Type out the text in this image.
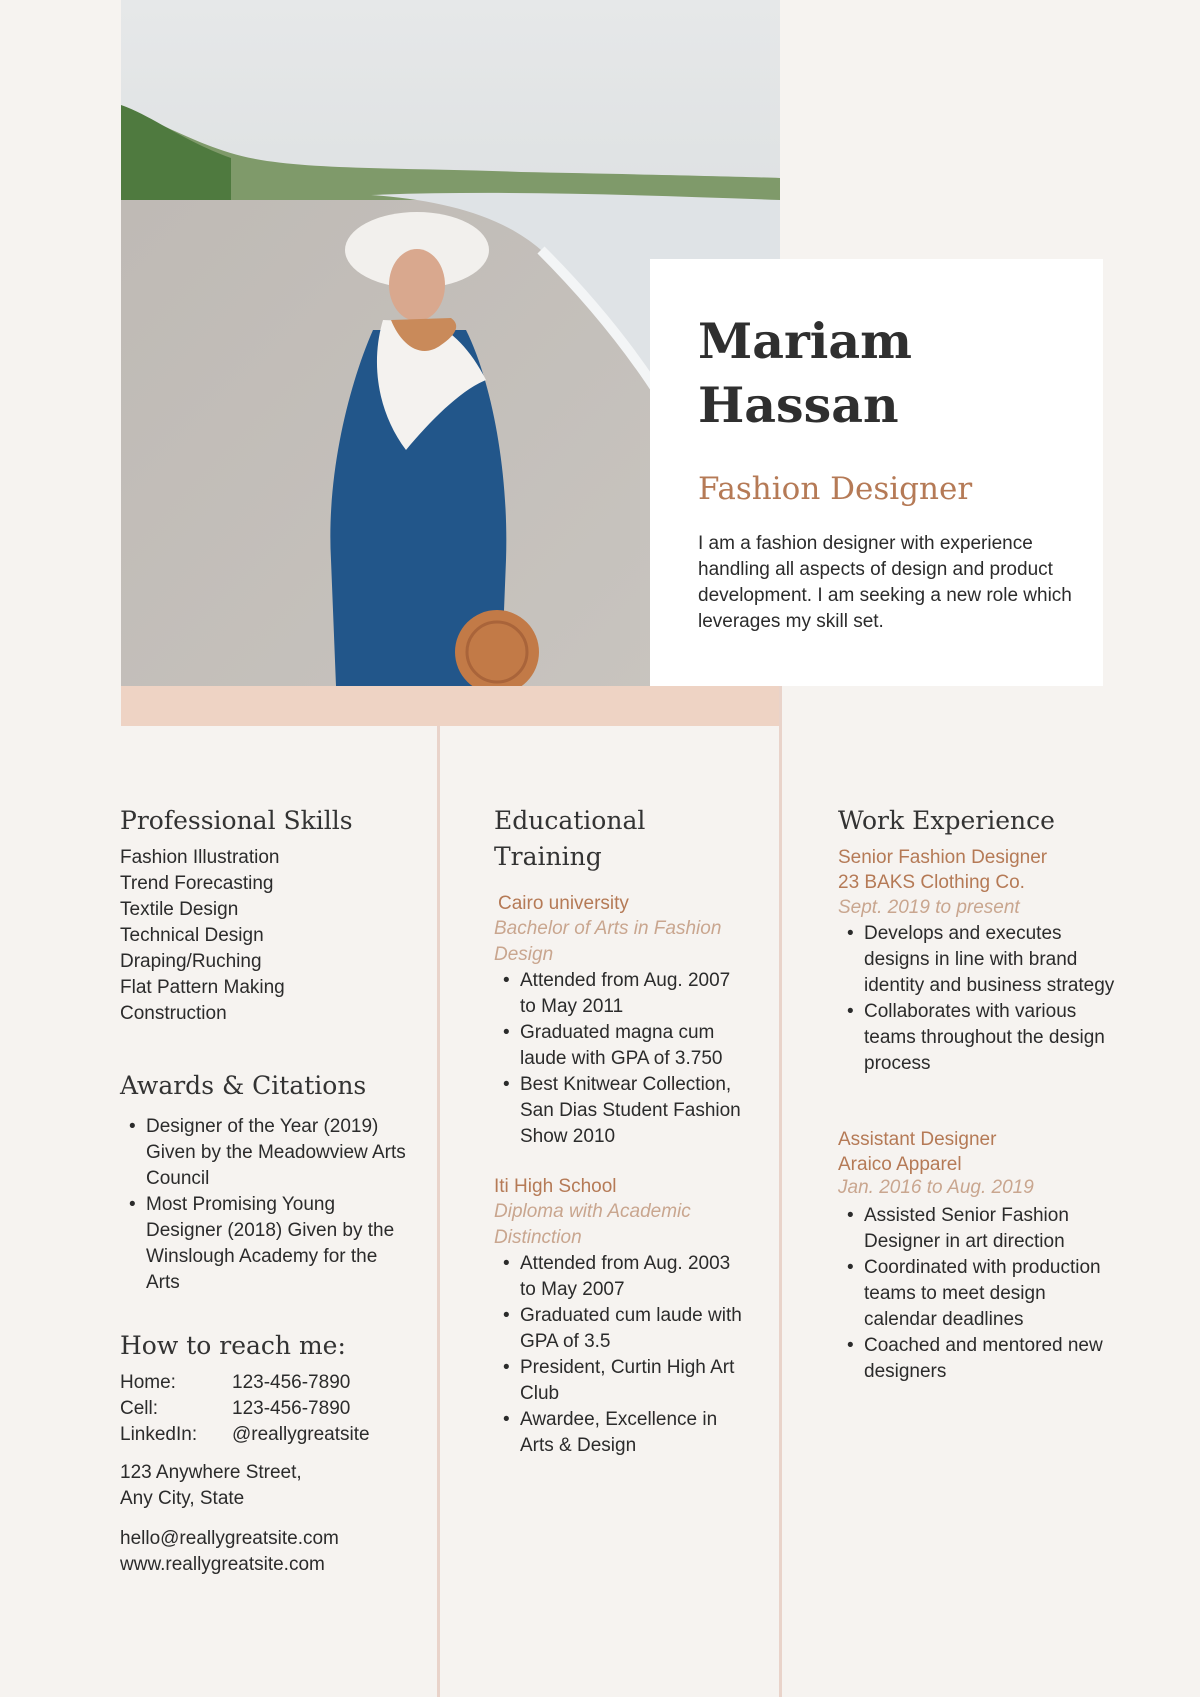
Mariam
Hassan

Fashion Designer

I am a fashion designer with experience handling all aspects of design and product development. I am seeking a new role which leverages my skill set.

Professional Skills
Fashion Illustration
Trend Forecasting
Textile Design
Technical Design
Draping/Ruching
Flat Pattern Making
Construction
Awards & Citations
• Designer of the Year (2019) Given by the Meadowview Arts Council
• Most Promising Young Designer (2018) Given by the Winslough Academy for the Arts
How to reach me:
Home:	123-456-7890
Cell:	123-456-7890
LinkedIn:	@reallygreatsite
123 Anywhere Street,
Any City, State
hello@reallygreatsite.com
www.reallygreatsite.com
Educational
Training
Cairo university
Bachelor of Arts in Fashion Design
• Attended from Aug. 2007 to May 2011
• Graduated magna cum laude with GPA of 3.750
• Best Knitwear Collection, San Dias Student Fashion Show 2010
Iti High School
Diploma with Academic Distinction
• Attended from Aug. 2003 to May 2007
• Graduated cum laude with GPA of 3.5
• President, Curtin High Art Club
• Awardee, Excellence in Arts & Design
Work Experience
Senior Fashion Designer
23 BAKS Clothing Co.
Sept. 2019 to present
• Develops and executes designs in line with brand identity and business strategy
• Collaborates with various teams throughout the design process
Assistant Designer
Araico Apparel
Jan. 2016 to Aug. 2019
• Assisted Senior Fashion Designer in art direction
• Coordinated with production teams to meet design calendar deadlines
• Coached and mentored new designers
